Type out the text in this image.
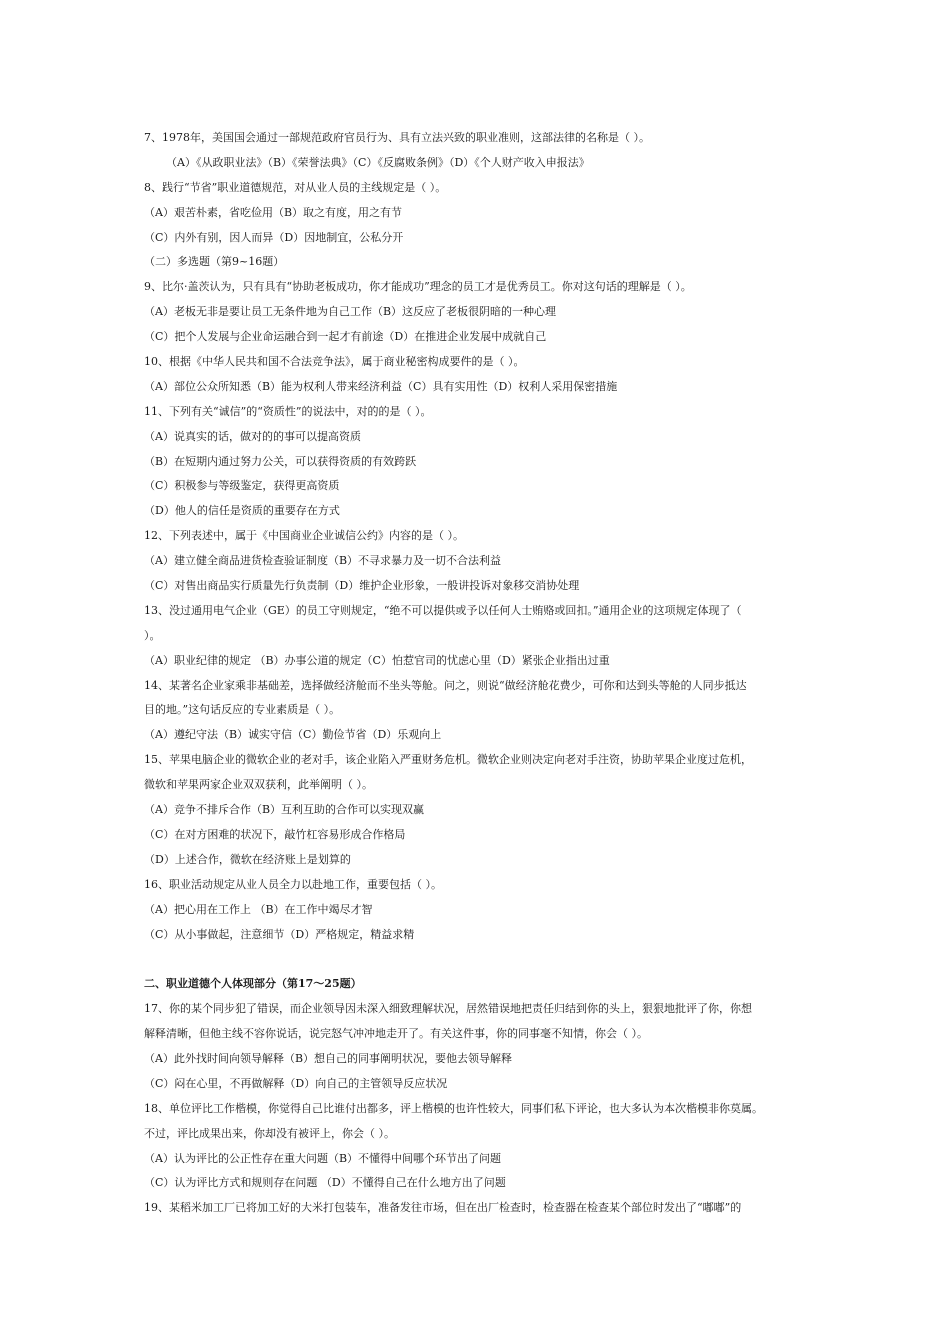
7、1978年，美国国会通过一部规范政府官员行为、具有立法兴致的职业准则，这部法律的名称是（ ）。
（A）《从政职业法》（B）《荣誉法典》（C）《反腐败条例》（D）《个人财产收入申报法》
8、践行“节省”职业道德规范，对从业人员的主线规定是（ ）。
（A）艰苦朴素，省吃俭用（B）取之有度，用之有节
（C）内外有别，因人而异（D）因地制宜，公私分开
（二）多选题（第9~16题）
9、比尔·盖茨认为，只有具有“协助老板成功，你才能成功”理念的员工才是优秀员工。你对这句话的理解是（ ）。
（A）老板无非是要让员工无条件地为自己工作（B）这反应了老板很阴暗的一种心理
（C）把个人发展与企业命运融合到一起才有前途（D）在推进企业发展中成就自己
10、根据《中华人民共和国不合法竞争法》，属于商业秘密构成要件的是（ ）。
（A）部位公众所知悉（B）能为权利人带来经济利益（C）具有实用性（D）权利人采用保密措施
11、下列有关“诚信”的“资质性”的说法中，对的的是（ ）。
（A）说真实的话，做对的的事可以提高资质
（B）在短期内通过努力公关，可以获得资质的有效跨跃
（C）积极参与等级鉴定，获得更高资质
（D）他人的信任是资质的重要存在方式
12、下列表述中，属于《中国商业企业诚信公约》内容的是（ ）。
（A）建立健全商品进货检查验证制度（B）不寻求暴力及一切不合法利益
（C）对售出商品实行质量先行负责制（D）维护企业形象，一般讲投诉对象移交消协处理
13、没过通用电气企业（GE）的员工守则规定，“绝不可以提供或予以任何人士贿赂或回扣。”通用企业的这项规定体现了（
）。
（A）职业纪律的规定 （B）办事公道的规定（C）怕惹官司的忧虑心里（D）紧张企业指出过重
14、某著名企业家乘非基础差，选择做经济舱而不坐头等舱。问之，则说“做经济舱花费少，可你和达到头等舱的人同步抵达
目的地。”这句话反应的专业素质是（ ）。
（A）遵纪守法（B）诚实守信（C）勤俭节省（D）乐观向上
15、苹果电脑企业的微软企业的老对手，该企业陷入严重财务危机。微软企业则决定向老对手注资，协助苹果企业度过危机，
微软和苹果两家企业双双获利，此举阐明（ ）。
（A）竞争不排斥合作（B）互利互助的合作可以实现双赢
（C）在对方困难的状况下，敲竹杠容易形成合作格局
（D）上述合作，微软在经济账上是划算的
16、职业活动规定从业人员全力以赴地工作，重要包括（ ）。
（A）把心用在工作上 （B）在工作中竭尽才智
（C）从小事做起，注意细节（D）严格规定，精益求精
二、职业道德个人体现部分（第17～25题）
17、你的某个同步犯了错误，而企业领导因未深入细致理解状况，居然错误地把责任归结到你的头上，狠狠地批评了你，你想
解释清晰，但他主线不容你说话，说完怒气冲冲地走开了。有关这件事，你的同事毫不知情，你会（ ）。
（A）此外找时间向领导解释（B）想自己的同事阐明状况，要他去领导解释
（C）闷在心里，不再做解释（D）向自己的主管领导反应状况
18、单位评比工作楷模，你觉得自己比谁付出都多，评上楷模的也许性较大，同事们私下评论，也大多认为本次楷模非你莫属。
不过，评比成果出来，你却没有被评上，你会（ ）。
（A）认为评比的公正性存在重大问题（B）不懂得中间哪个环节出了问题
（C）认为评比方式和规则存在问题 （D）不懂得自己在什么地方出了问题
19、某稻米加工厂已将加工好的大米打包装车，准备发往市场，但在出厂检查时，检查器在检查某个部位时发出了“嘟嘟”的
